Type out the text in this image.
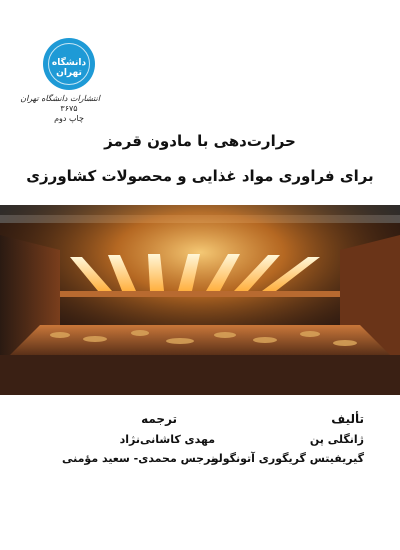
دانشگاه تهران
انتشارات دانشگاه تهران
۳۶۷۵
چاپ دوم
حرارت‌دهی با مادون قرمز
برای فراوری مواد غذایی و محصولات کشاورزی
تألیف
ژانگلی پن
گیریفیتس گریگوری آتونگولو
ترجمه
مهدی کاشانی‌نژاد
نرجس محمدی- سعید مؤمنی
